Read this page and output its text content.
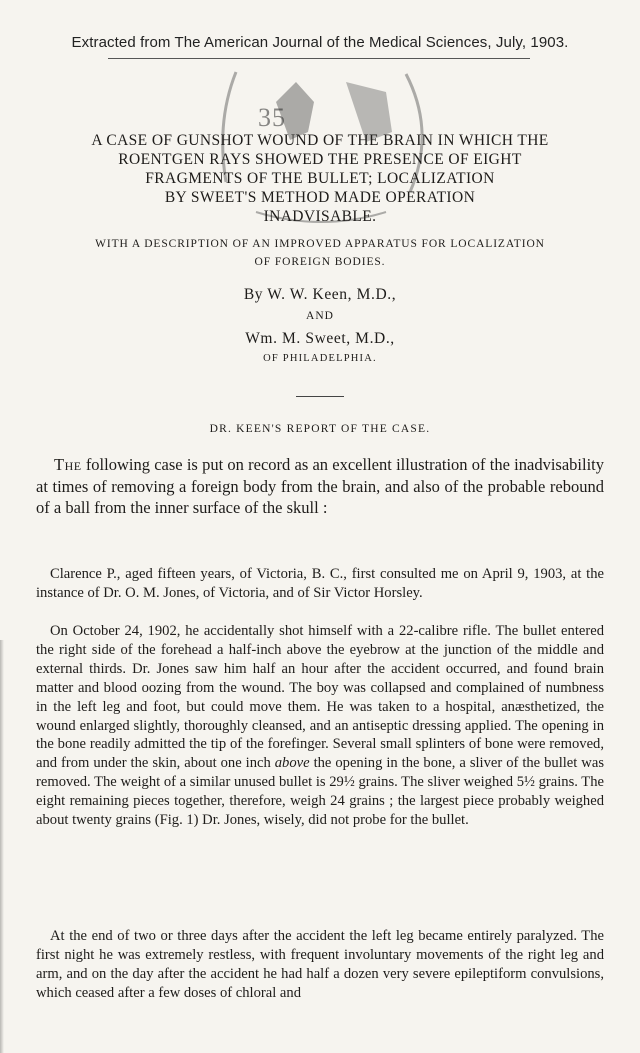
Extracted from The American Journal of the Medical Sciences, July, 1903.
35
A CASE OF GUNSHOT WOUND OF THE BRAIN IN WHICH THE
ROENTGEN RAYS SHOWED THE PRESENCE OF EIGHT
FRAGMENTS OF THE BULLET; LOCALIZATION
BY SWEET'S METHOD MADE OPERATION
INADVISABLE.
WITH A DESCRIPTION OF AN IMPROVED APPARATUS FOR LOCALIZATION
OF FOREIGN BODIES.
By W. W. Keen, M.D.,
AND
Wm. M. Sweet, M.D.,
OF PHILADELPHIA.
DR. KEEN'S REPORT OF THE CASE.
The following case is put on record as an excellent illustration of the inadvisability at times of removing a foreign body from the brain, and also of the probable rebound of a ball from the inner surface of the skull :
Clarence P., aged fifteen years, of Victoria, B. C., first consulted me on April 9, 1903, at the instance of Dr. O. M. Jones, of Victoria, and of Sir Victor Horsley.
On October 24, 1902, he accidentally shot himself with a 22-calibre rifle. The bullet entered the right side of the forehead a half-inch above the eyebrow at the junction of the middle and external thirds. Dr. Jones saw him half an hour after the accident occurred, and found brain matter and blood oozing from the wound. The boy was collapsed and complained of numbness in the left leg and foot, but could move them. He was taken to a hospital, anæsthetized, the wound enlarged slightly, thoroughly cleansed, and an antiseptic dressing applied. The opening in the bone readily admitted the tip of the forefinger. Several small splinters of bone were removed, and from under the skin, about one inch above the opening in the bone, a sliver of the bullet was removed. The weight of a similar unused bullet is 29½ grains. The sliver weighed 5½ grains. The eight remaining pieces together, therefore, weigh 24 grains ; the largest piece probably weighed about twenty grains (Fig. 1) Dr. Jones, wisely, did not probe for the bullet.
At the end of two or three days after the accident the left leg became entirely paralyzed. The first night he was extremely restless, with frequent involuntary movements of the right leg and arm, and on the day after the accident he had half a dozen very severe epileptiform convulsions, which ceased after a few doses of chloral and
